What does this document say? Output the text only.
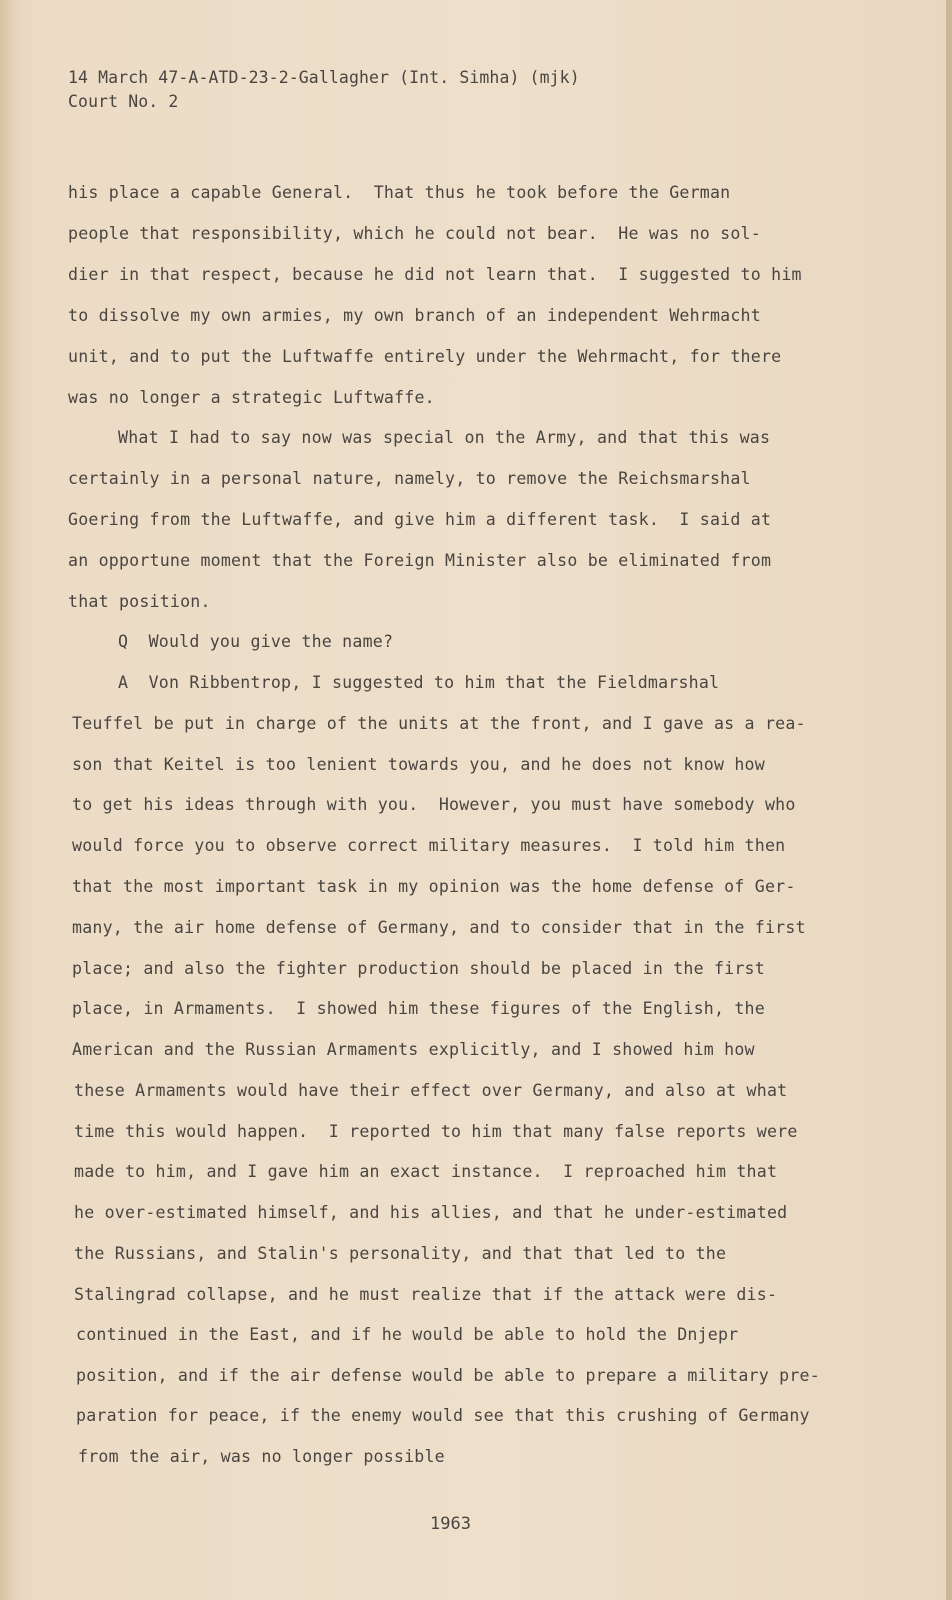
14 March 47-A-ATD-23-2-Gallagher (Int. Simha) (mjk)
Court No. 2
his place a capable General.  That thus he took before the German
people that responsibility, which he could not bear.  He was no sol-
dier in that respect, because he did not learn that.  I suggested to him
to dissolve my own armies, my own branch of an independent Wehrmacht
unit, and to put the Luftwaffe entirely under the Wehrmacht, for there
was no longer a strategic Luftwaffe.
What I had to say now was special on the Army, and that this was
certainly in a personal nature, namely, to remove the Reichsmarshal
Goering from the Luftwaffe, and give him a different task.  I said at
an opportune moment that the Foreign Minister also be eliminated from
that position.
Q  Would you give the name?
A  Von Ribbentrop, I suggested to him that the Fieldmarshal
Teuffel be put in charge of the units at the front, and I gave as a rea-
son that Keitel is too lenient towards you, and he does not know how
to get his ideas through with you.  However, you must have somebody who
would force you to observe correct military measures.  I told him then
that the most important task in my opinion was the home defense of Ger-
many, the air home defense of Germany, and to consider that in the first
place; and also the fighter production should be placed in the first
place, in Armaments.  I showed him these figures of the English, the
American and the Russian Armaments explicitly, and I showed him how
these Armaments would have their effect over Germany, and also at what
time this would happen.  I reported to him that many false reports were
made to him, and I gave him an exact instance.  I reproached him that
he over-estimated himself, and his allies, and that he under-estimated
the Russians, and Stalin's personality, and that that led to the
Stalingrad collapse, and he must realize that if the attack were dis-
continued in the East, and if he would be able to hold the Dnjepr
position, and if the air defense would be able to prepare a military pre-
paration for peace, if the enemy would see that this crushing of Germany
from the air, was no longer possible
1963
